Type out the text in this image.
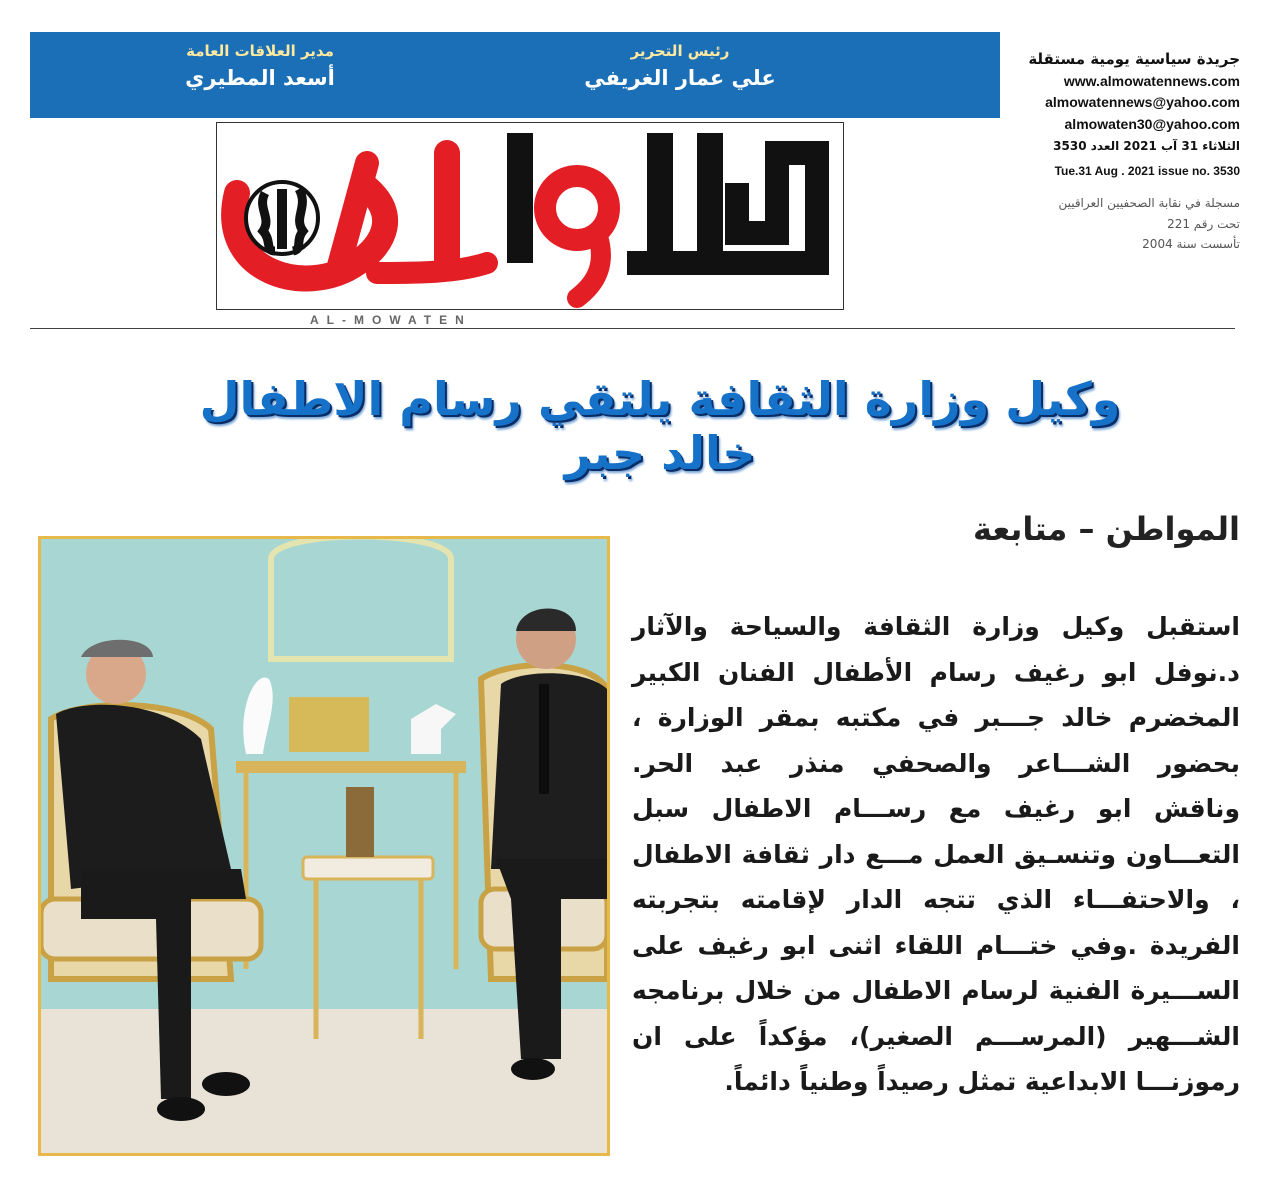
مدير العلاقات العامة
أسعد المطيري
رئيس التحرير
علي عمار الغريفي
جريدة سياسية يومية مستقلة
www.almowatennews.com
almowatennews@yahoo.com
almowaten30@yahoo.com
الثلاثاء 31 آب 2021 العدد 3530
Tue.31 Aug . 2021 issue no. 3530
مسجلة في نقابة الصحفيين العراقيين
تحت رقم 221
تأسست سنة 2004
AL-MOWATEN
وكيل وزارة الثقافة يلتقي رسام الاطفال خالد جبر
المواطن – متابعة
استقبل وكيل وزارة الثقافة والسياحة والآثار د.نوفل ابو رغيف رسام الأطفال الفنان الكبير المخضرم خالد جـــبر في مكتبه بمقر الوزارة ، بحضور الشـــاعر والصحفي منذر عبد الحر. وناقش ابو رغيف مع رســـام الاطفال سبل التعـــاون وتنسـيق العمل مـــع دار ثقافة الاطفال ، والاحتفـــاء الذي تتجه الدار لإقامته بتجربته الفريدة .وفي ختـــام اللقاء اثنى ابو رغيف على الســـيرة الفنية لرسام الاطفال من خلال برنامجه الشـــهير (المرســـم الصغير)، مؤكداً على ان رموزنـــا الابداعية تمثل رصيداً وطنياً دائماً.
